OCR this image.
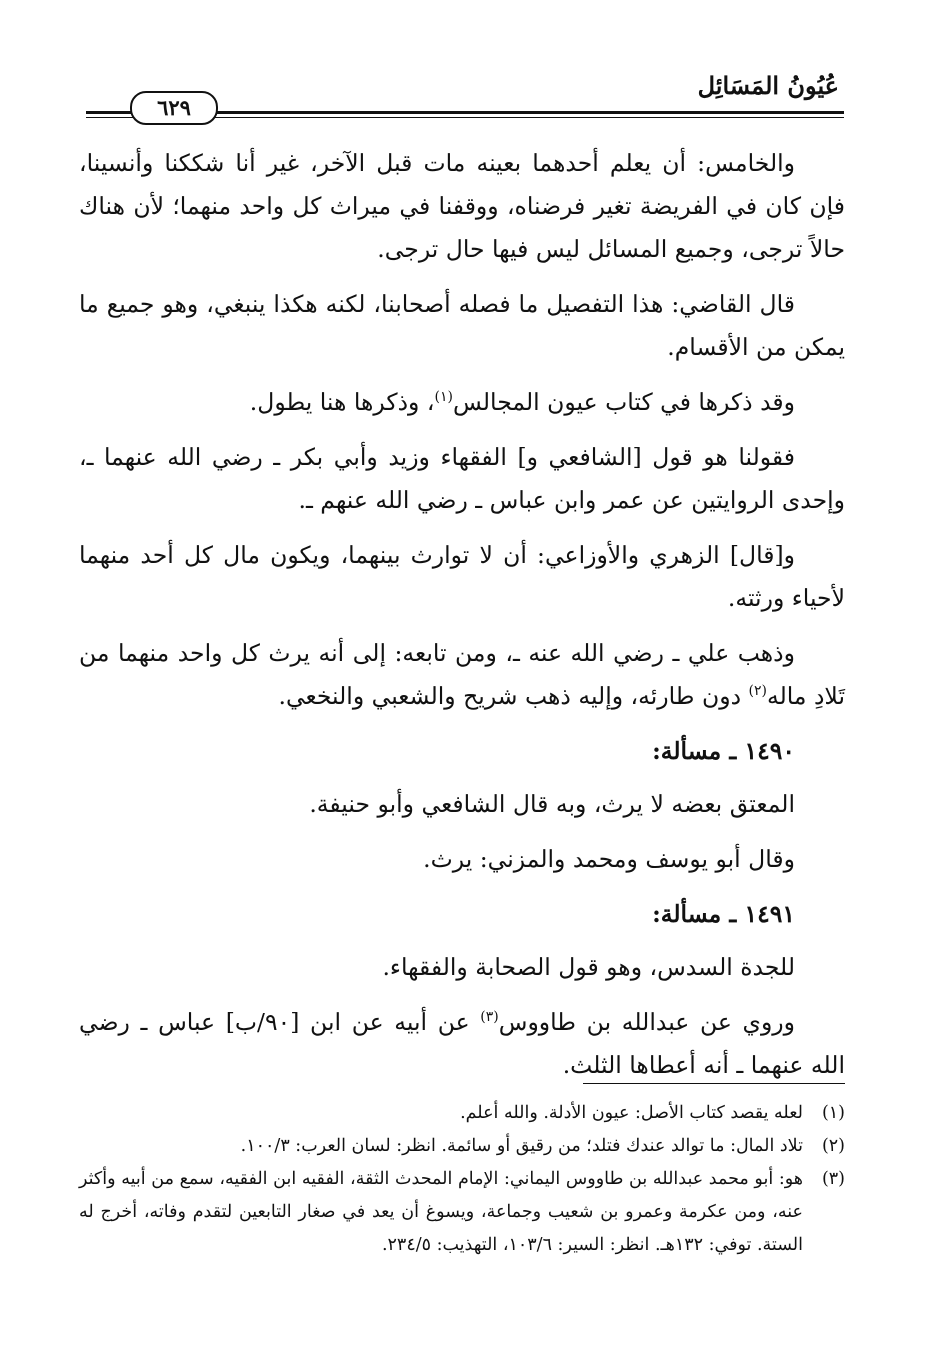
عُيُونُ المَسَائِل
٦٢٩

والخامس: أن يعلم أحدهما بعينه مات قبل الآخر، غير أنا شككنا وأنسينا، فإن كان في الفريضة تغير فرضناه، ووقفنا في ميراث كل واحد منهما؛ لأن هناك حالاً ترجى، وجميع المسائل ليس فيها حال ترجى.

قال القاضي: هذا التفصيل ما فصله أصحابنا، لكنه هكذا ينبغي، وهو جميع ما يمكن من الأقسام.

وقد ذكرها في كتاب عيون المجالس$^{(١)}$، وذكرها هنا يطول.

فقولنا هو قول [الشافعي و] الفقهاء وزيد وأبي بكر ـ رضي الله عنهما ـ، وإحدى الروايتين عن عمر وابن عباس ـ رضي الله عنهم ـ.

و[قال] الزهري والأوزاعي: أن لا توارث بينهما، ويكون مال كل أحد منهما لأحياء ورثته.

وذهب علي ـ رضي الله عنه ـ، ومن تابعه: إلى أنه يرث كل واحد منهما من تَلادِ ماله$^{(٢)}$ دون طارئه، وإليه ذهب شريح والشعبي والنخعي.

١٤٩٠ ـ مسألة:

المعتق بعضه لا يرث، وبه قال الشافعي وأبو حنيفة.

وقال أبو يوسف ومحمد والمزني: يرث.

١٤٩١ ـ مسألة:

للجدة السدس، وهو قول الصحابة والفقهاء.

وروي عن عبدالله بن طاووس$^{(٣)}$ عن أبيه عن ابن [٩٠/ب] عباس ـ رضي الله عنهما ـ أنه أعطاها الثلث.

(١)
لعله يقصد كتاب الأصل: عيون الأدلة. والله أعلم.
(٢)
تلاد المال: ما توالد عندك فتلد؛ من رقيق أو سائمة. انظر: لسان العرب: ١٠٠/٣.
(٣)
هو: أبو محمد عبدالله بن طاووس اليماني: الإمام المحدث الثقة، الفقيه ابن الفقيه، سمع من أبيه وأكثر عنه، ومن عكرمة وعمرو بن شعيب وجماعة، ويسوغ أن يعد في صغار التابعين لتقدم وفاته، أخرج له الستة. توفي: ١٣٢هـ. انظر: السير: ١٠٣/٦، التهذيب: ٢٣٤/٥.
